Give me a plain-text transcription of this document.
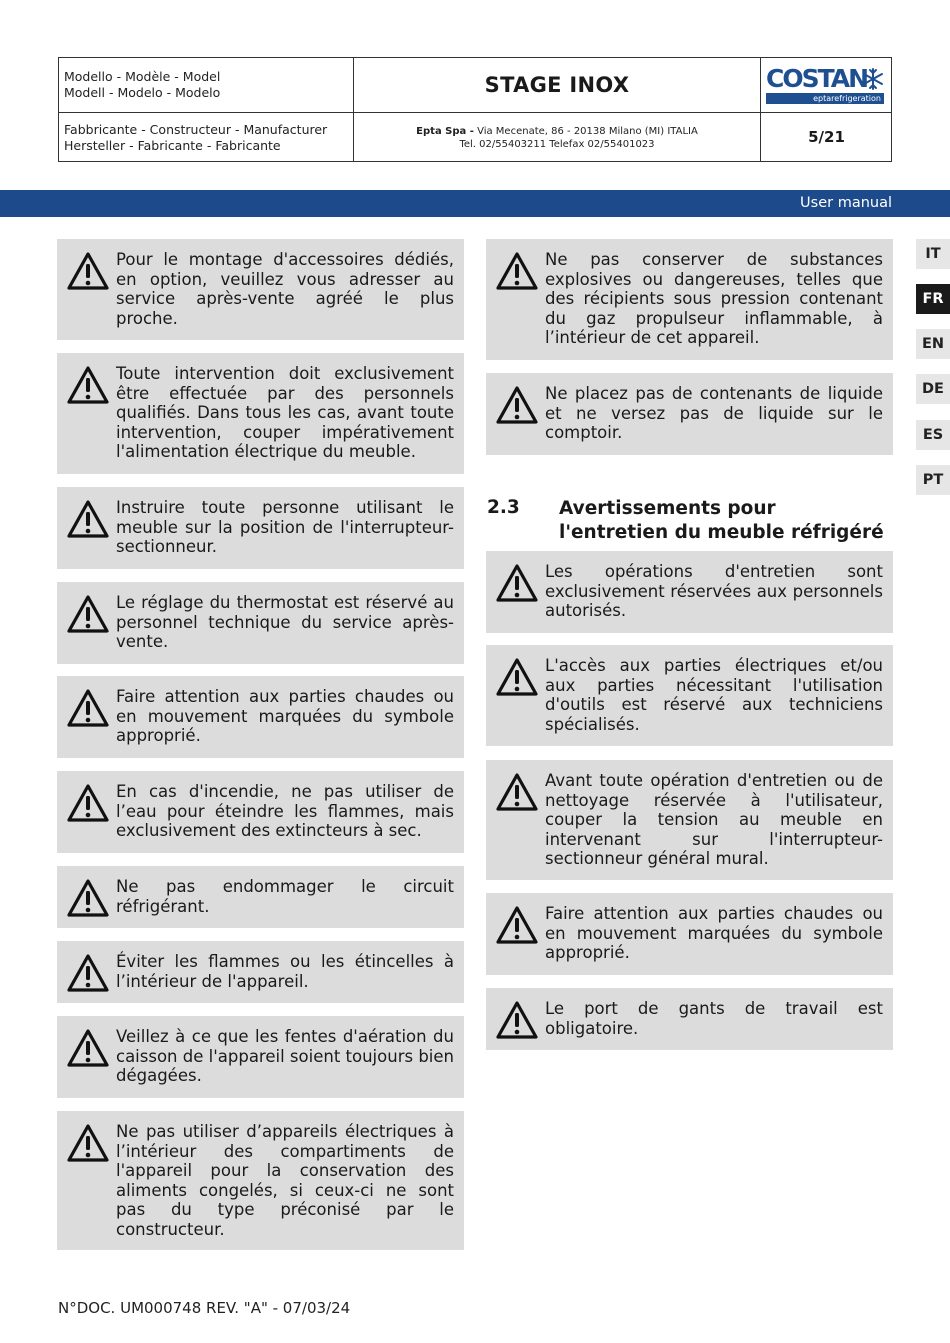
Modello - Modèle - Model
Modell - Modelo - Modelo
Fabbricante - Constructeur - Manufacturer
Hersteller - Fabricante - Fabricante
STAGE INOX
Epta Spa - Via Mecenate, 86 - 20138 Milano (MI) ITALIA
Tel. 02/55403211 Telefax 02/55401023	5/21
COSTAN
eptarefrigeration
User manual
IT
FR
EN
DE
ES
PT
Pour le montage d'accessoires dédiés, en option, veuillez vous adresser au service après-vente agréé le plus proche.
Toute intervention doit exclusivement être effectuée par des personnels qualifiés. Dans tous les cas, avant toute intervention, couper impérativement l'alimentation électrique du meuble.
Instruire toute personne utilisant le meuble sur la position de l'interrupteur-sectionneur.
Le réglage du thermostat est réservé au personnel technique du service après-vente.
Faire attention aux parties chaudes ou en mouvement marquées du symbole approprié.
En cas d'incendie, ne pas utiliser de l’eau pour éteindre les flammes, mais exclusivement des extincteurs à sec.
Ne pas endommager le circuit réfrigérant.
Éviter les flammes ou les étincelles à l’intérieur de l'appareil.
Veillez à ce que les fentes d'aération du caisson de l'appareil soient toujours bien dégagées.
Ne pas utiliser d’appareils électriques à l’intérieur des compartiments de l'appareil pour la conservation des aliments congelés, si ceux-ci ne sont pas du type préconisé par le constructeur.
Ne pas conserver de substances explosives ou dangereuses, telles que des récipients sous pression contenant du gaz propulseur inflammable, à l’intérieur de cet appareil.
Ne placez pas de contenants de liquide et ne versez pas de liquide sur le comptoir.
2.3 Avertissements pour l'entretien du meuble réfrigéré
Les opérations d'entretien sont exclusivement réservées aux personnels autorisés.
L'accès aux parties électriques et/ou aux parties nécessitant l'utilisation d'outils est réservé aux techniciens spécialisés.
Avant toute opération d'entretien ou de nettoyage réservée à l'utilisateur, couper la tension au meuble en intervenant sur l'interrupteur-sectionneur général mural.
Faire attention aux parties chaudes ou en mouvement marquées du symbole approprié.
Le port de gants de travail est obligatoire.
N°DOC. UM000748 REV. "A" - 07/03/24
